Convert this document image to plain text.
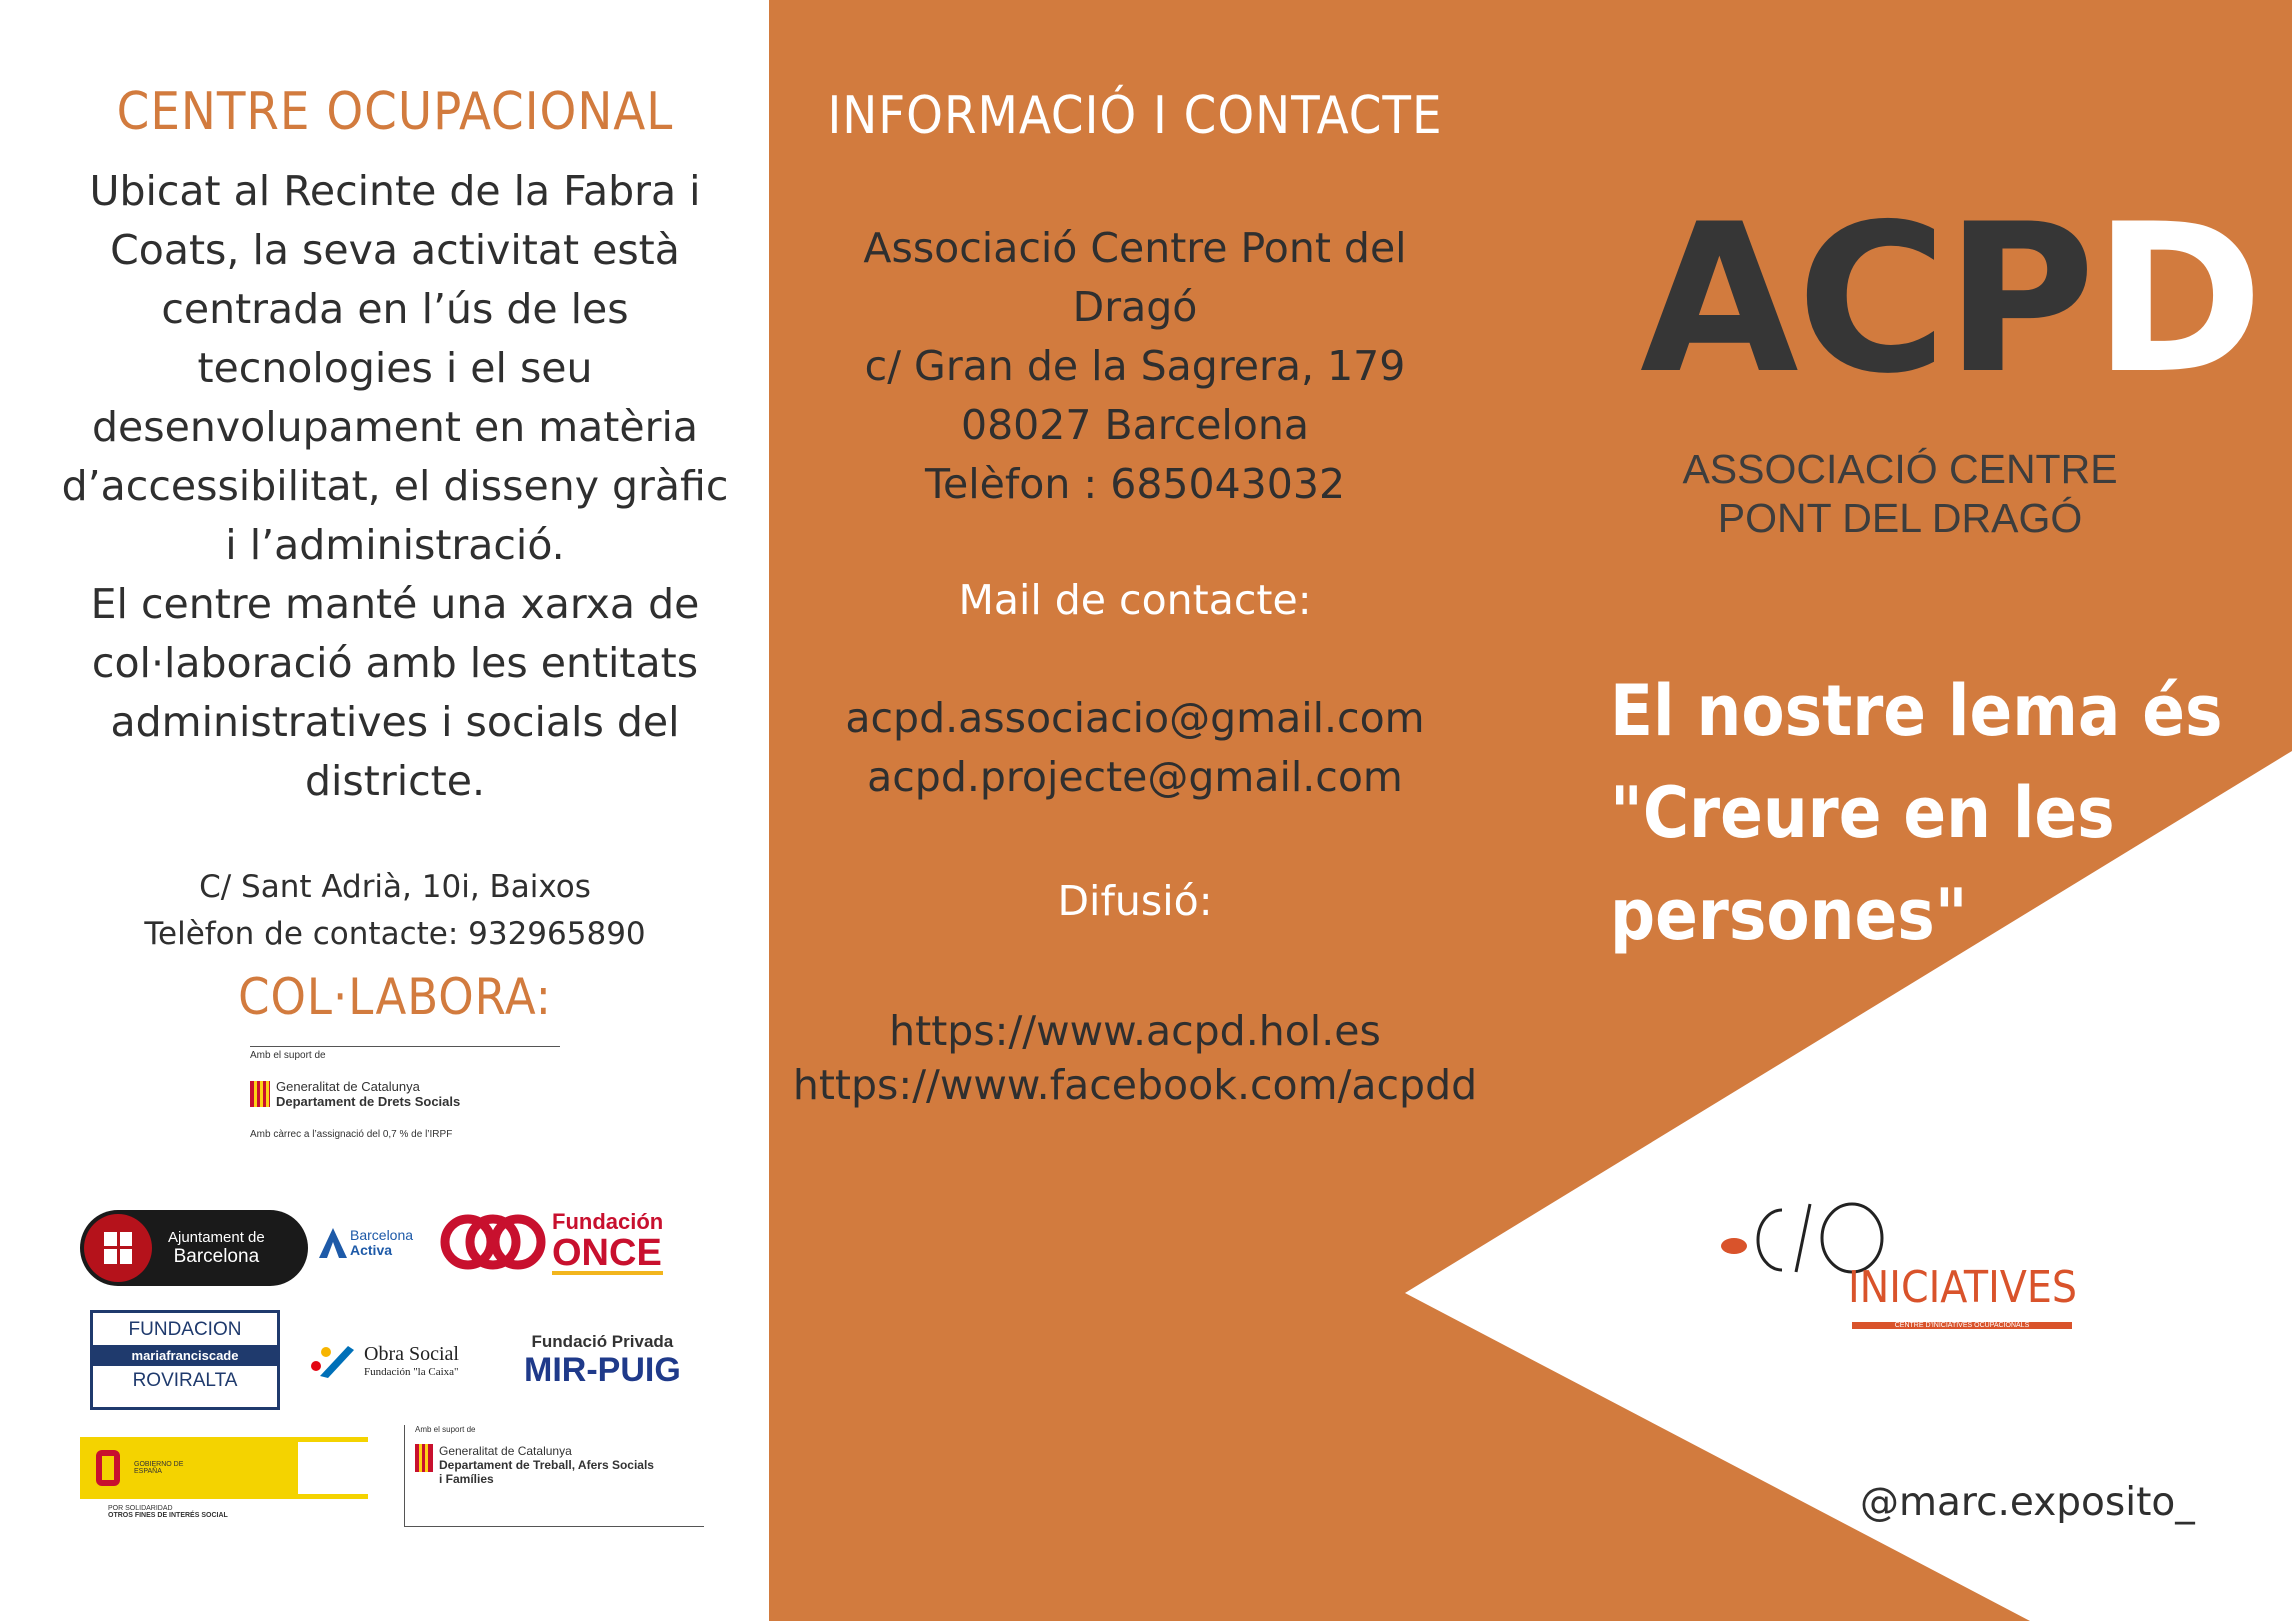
CENTRE OCUPACIONAL
Ubicat al Recinte de la Fabra i
Coats, la seva activitat està
centrada en l’ús de les
tecnologies i el seu
desenvolupament en matèria
d’accessibilitat, el disseny gràfic
i l’administració.
El centre manté una xarxa de
col·laboració amb les entitats
administratives i socials del
districte.
C/ Sant Adrià, 10i, Baixos
Telèfon de contacte: 932965890
COL·LABORA:
Amb el suport de
Generalitat de Catalunya
Departament de Drets Socials
Amb càrrec a l’assignació del 0,7 % de l’IRPF
Ajuntament de
Barcelona
Barcelona
Activa
Fundación
ONCE
FUNDACION
mariafranciscade
ROVIRALTA
Obra Social
Fundación "la Caixa"
Fundació Privada
MIR-PUIG
GOBIERNO DE ESPAÑA
POR SOLIDARIDAD
OTROS FINES DE INTERÉS SOCIAL
Amb el suport de
Generalitat de Catalunya
Departament de Treball, Afers Socials
i Famílies
INFORMACIÓ I CONTACTE
Associació Centre Pont del
Dragó
c/ Gran de la Sagrera, 179
08027 Barcelona
Telèfon : 685043032
Mail de contacte:
acpd.associacio@gmail.com
acpd.projecte@gmail.com
Difusió:
https://www.acpd.hol.es
https://www.facebook.com/acpdd
ACPD
ASSOCIACIÓ CENTRE
PONT DEL DRAGÓ
El nostre lema és
"Creure en les
persones"
INICIATIVES
CENTRE D'INICIATIVES OCUPACIONALS
@marc.exposito_
